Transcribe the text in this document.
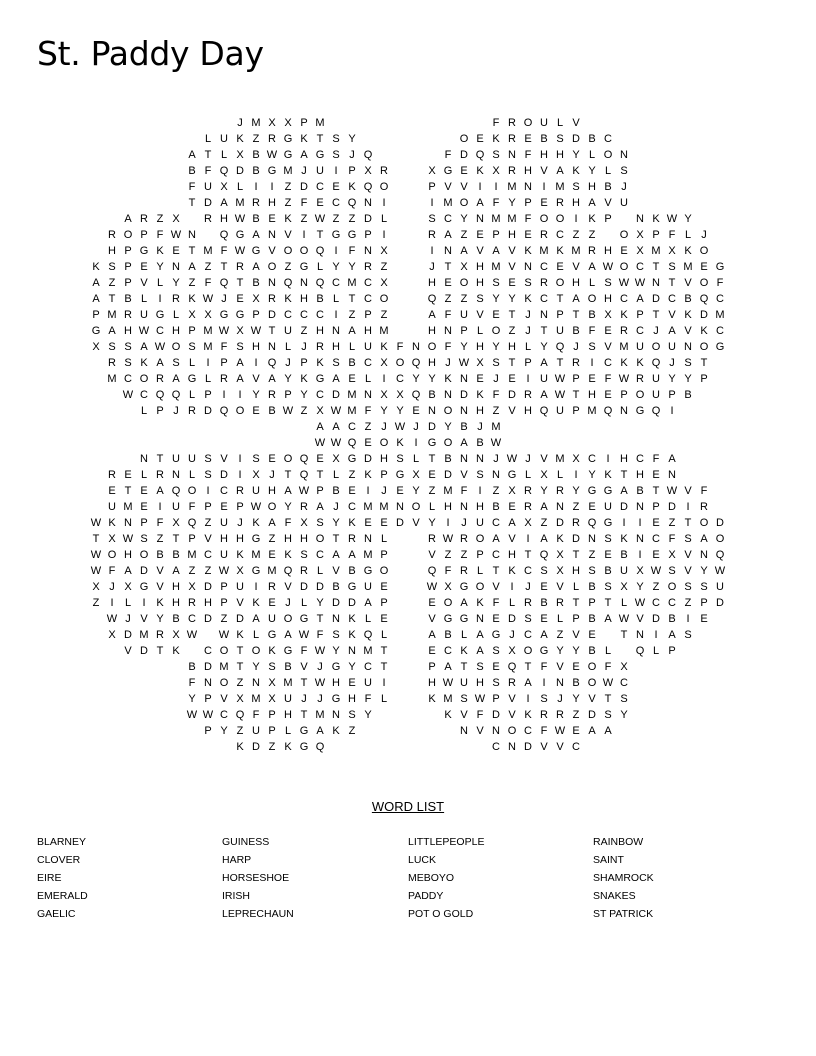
St. Paddy Day
J M X X P M	F R O U L V
L U K Z R G K T S Y	O E K R E B S D B C
A T L X B W G A G S J Q	F D Q S N F H H Y L O N
B F Q D B G M J U I P X R	X G E K X R H V A K Y L S
F U X L	I	I	Z D C E K Q O	P V V I	I M N I M S H B J
T D A M R H Z F E C Q N I	I M O A F Y P E R H A V U
A R Z X	R H W B E K Z W Z Z D L	S C Y N M M F O O I K P	N K W Y
R O P F W N	Q G A N V I	T G G P I	R A Z E P H E R C Z Z	O X P F L J
H P G K E T M F W G V O O Q I	F N X	I N A V A V K M K M R H E X M X K O
K S P E Y N A Z T R A O Z G L Y Y R Z	J T X H M V N C E V A W O C T S M E G
A Z P V L Y Z F Q T B N Q N Q C M C X	H E O H S E S R O H L S W W N T V O F
A T B L	I R K W J E X R K H B L T C O	Q Z Z S Y Y K C T A O H C A D C B Q C
P M R U G L X X G G P D C C C I	Z P Z	A F U V E T J N P T B X K P T V K D M
G A H W C H P M W X W T U Z H N A H M	H N P L O Z J T U B F E R C J A V K C
X S S A W O S M F S H N L J R H L U K F N O F Y H Y H L Y Q J S V M U O U N O G
R S K A S L	I P A I Q J P K S B C X O Q H J W X S T P A T R I C K K Q J S T
M C O R A G L R A V A Y K G A E L	I C Y Y K N E J E I U W P E F W R U Y Y P
W C Q Q L P I	I Y R P Y C D M N X X Q B N D K F D R A W T H E P O U P B
L P J R D Q O E B W Z X W M F Y Y E N O N H Z V H Q U P M Q N G Q I
A A C Z J W J D Y B J M
W W Q E O K I G O A B W
N T U U S V I S E O Q E X G D H S L T B N N J W J V M X C I H C F A
R E L R N L S D I X J T Q T L Z K P G X E D V S N G L X L	I Y K T H E N
E T E A Q O I C R U H A W P B E I	J E Y Z M F	I	Z X R Y R Y G G A B T W V F
U M E I U F P E P W O Y R A J C M M N O L H N H B E R A N Z E U D N P D I R
W K N P F X Q Z U J K A F X S Y K E E D V Y I	J U C A X Z D R Q G I	I E Z T O D
T X W S Z T P V H H G Z H H O T R N L	R W R O A V I A K D N S K N C F S A O
W O H O B B M C U K M E K S C A A M P	V Z Z P C H T Q X T Z E B I E X V N Q
W F A D V A Z Z W X G M Q R L V B G O	Q F R L T K C S X H S B U X W S V Y W
X J X G V H X D P U I R V D D B G U E	W X G O V I	J E V L B S X Y Z O S S U
Z	I	L	I K H R H P V K E J L Y D D A P	E O A K F L R B R T P T L W C C Z P D
W J V Y B C D Z D A U O G T N K L E	V G G N E D S E L P B A W V D B I E
X D M R X W W K L G A W F S K Q L	A B L A G J C A Z V E	T N I A S
V D T K	C O T O K G F W Y N M T	E C K A S X O G Y Y B L	Q L P
B D M T Y S B V J G Y C T	P A T S E Q T F V E O F X
F N O Z N X M T W H E U I	H W U H S R A I N B O W C
Y P V X M X U J J G H F L	K M S W P V I S J Y V T S
W W C Q F P H T M N S Y	K V F D V K R R Z D S Y
P Y Z U P L G A K Z	N V N O C F W E A A
K D Z K G Q	C N D V V C
WORD LIST
BLARNEY
CLOVER
EIRE
EMERALD
GAELIC
GUINESS
HARP
HORSESHOE
IRISH
LEPRECHAUN
LITTLEPEOPLE
LUCK
MEBOYO
PADDY
POT O GOLD
RAINBOW
SAINT
SHAMROCK
SNAKES
ST PATRICK
